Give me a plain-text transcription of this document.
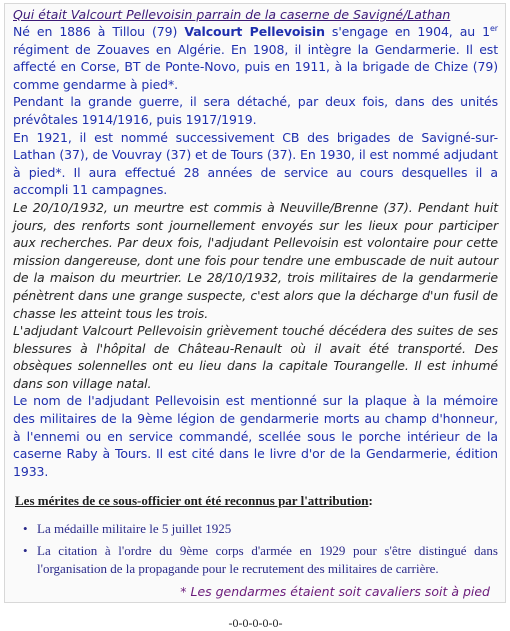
Qui était Valcourt Pellevoisin parrain de la caserne de Savigné/Lathan

Né en 1886 à Tillou (79) Valcourt Pellevoisin s'engage en 1904, au 1er régiment de Zouaves en Algérie. En 1908, il intègre la Gendarmerie. Il est affecté en Corse, BT de Ponte-Novo, puis en 1911, à la brigade de Chize (79) comme gendarme à pied*.

Pendant la grande guerre, il sera détaché, par deux fois, dans des unités prévôtales 1914/1916, puis 1917/1919.

En 1921, il est nommé successivement CB des brigades de Savigné-sur-Lathan (37), de Vouvray (37) et de Tours (37). En 1930, il est nommé adjudant à pied*. Il aura effectué 28 années de service au cours desquelles il a accompli 11 campagnes.

Le 20/10/1932, un meurtre est commis à Neuville/Brenne (37). Pendant huit jours, des renforts sont journellement envoyés sur les lieux pour participer aux recherches. Par deux fois, l'adjudant Pellevoisin est volontaire pour cette mission dangereuse, dont une fois pour tendre une embuscade de nuit autour de la maison du meurtrier. Le 28/10/1932, trois militaires de la gendarmerie pénètrent dans une grange suspecte, c'est alors que la décharge d'un fusil de chasse les atteint tous les trois.

L'adjudant Valcourt Pellevoisin grièvement touché décédera des suites de ses blessures à l'hôpital de Château-Renault où il avait été transporté. Des obsèques solennelles ont eu lieu dans la capitale Tourangelle. Il est inhumé dans son village natal.

Le nom de l'adjudant Pellevoisin est mentionné sur la plaque à la mémoire des militaires de la 9ème légion de gendarmerie morts au champ d'honneur, à l'ennemi ou en service commandé, scellée sous le porche intérieur de la caserne Raby à Tours. Il est cité dans le livre d'or de la Gendarmerie, édition 1933.

Les mérites de ce sous-officier ont été reconnus par l'attribution:
• La médaille militaire le 5 juillet 1925
• La citation à l'ordre du 9ème corps d'armée en 1929 pour s'être distingué dans l'organisation de la propagande pour le recrutement des militaires de carrière.

* Les gendarmes étaient soit cavaliers soit à pied

-0-0-0-0-0-
